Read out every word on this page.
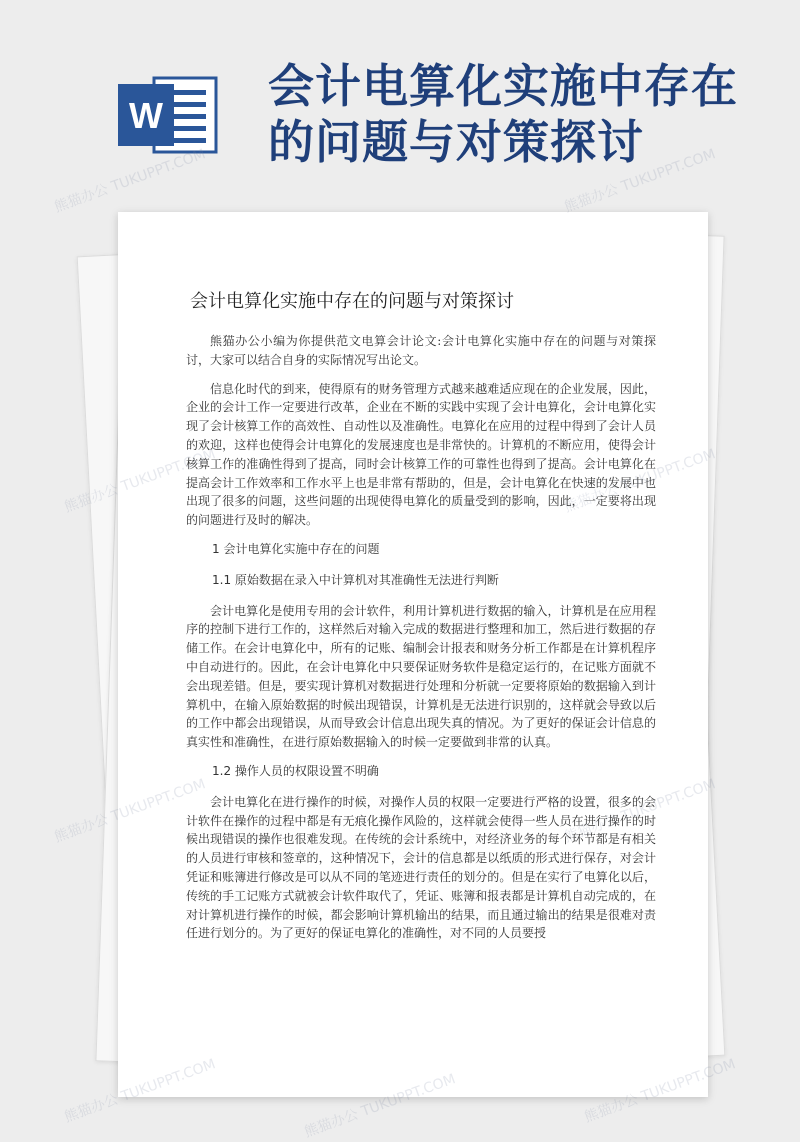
W
会计电算化实施中存在
的问题与对策探讨
会计电算化实施中存在的问题与对策探讨

熊猫办公小编为你提供范文电算会计论文:会计电算化实施中存在的问题与对策探讨，大家可以结合自身的实际情况写出论文。

信息化时代的到来，使得原有的财务管理方式越来越难适应现在的企业发展，因此，企业的会计工作一定要进行改革，企业在不断的实践中实现了会计电算化，会计电算化实现了会计核算工作的高效性、自动性以及准确性。电算化在应用的过程中得到了会计人员的欢迎，这样也使得会计电算化的发展速度也是非常快的。计算机的不断应用，使得会计核算工作的准确性得到了提高，同时会计核算工作的可靠性也得到了提高。会计电算化在提高会计工作效率和工作水平上也是非常有帮助的，但是，会计电算化在快速的发展中也出现了很多的问题，这些问题的出现使得电算化的质量受到的影响，因此，一定要将出现的问题进行及时的解决。

1 会计电算化实施中存在的问题

1.1 原始数据在录入中计算机对其准确性无法进行判断

会计电算化是使用专用的会计软件，利用计算机进行数据的输入，计算机是在应用程序的控制下进行工作的，这样然后对输入完成的数据进行整理和加工，然后进行数据的存储工作。在会计电算化中，所有的记账、编制会计报表和财务分析工作都是在计算机程序中自动进行的。因此，在会计电算化中只要保证财务软件是稳定运行的，在记账方面就不会出现差错。但是，要实现计算机对数据进行处理和分析就一定要将原始的数据输入到计算机中，在输入原始数据的时候出现错误，计算机是无法进行识别的，这样就会导致以后的工作中都会出现错误，从而导致会计信息出现失真的情况。为了更好的保证会计信息的真实性和准确性，在进行原始数据输入的时候一定要做到非常的认真。

1.2 操作人员的权限设置不明确

会计电算化在进行操作的时候，对操作人员的权限一定要进行严格的设置，很多的会计软件在操作的过程中都是有无痕化操作风险的，这样就会使得一些人员在进行操作的时候出现错误的操作也很难发现。在传统的会计系统中，对经济业务的每个环节都是有相关的人员进行审核和签章的，这种情况下，会计的信息都是以纸质的形式进行保存，对会计凭证和账簿进行修改是可以从不同的笔迹进行责任的划分的。但是在实行了电算化以后，传统的手工记账方式就被会计软件取代了，凭证、账簿和报表都是计算机自动完成的，在对计算机进行操作的时候，都会影响计算机输出的结果，而且通过输出的结果是很难对责任进行划分的。为了更好的保证电算化的准确性，对不同的人员要授

熊猫办公 TUKUPPT.COM	熊猫办公 TUKUPPT.COM
熊猫办公
熊猫办公	熊猫办公
熊猫办公 TUKUPPT.COM
